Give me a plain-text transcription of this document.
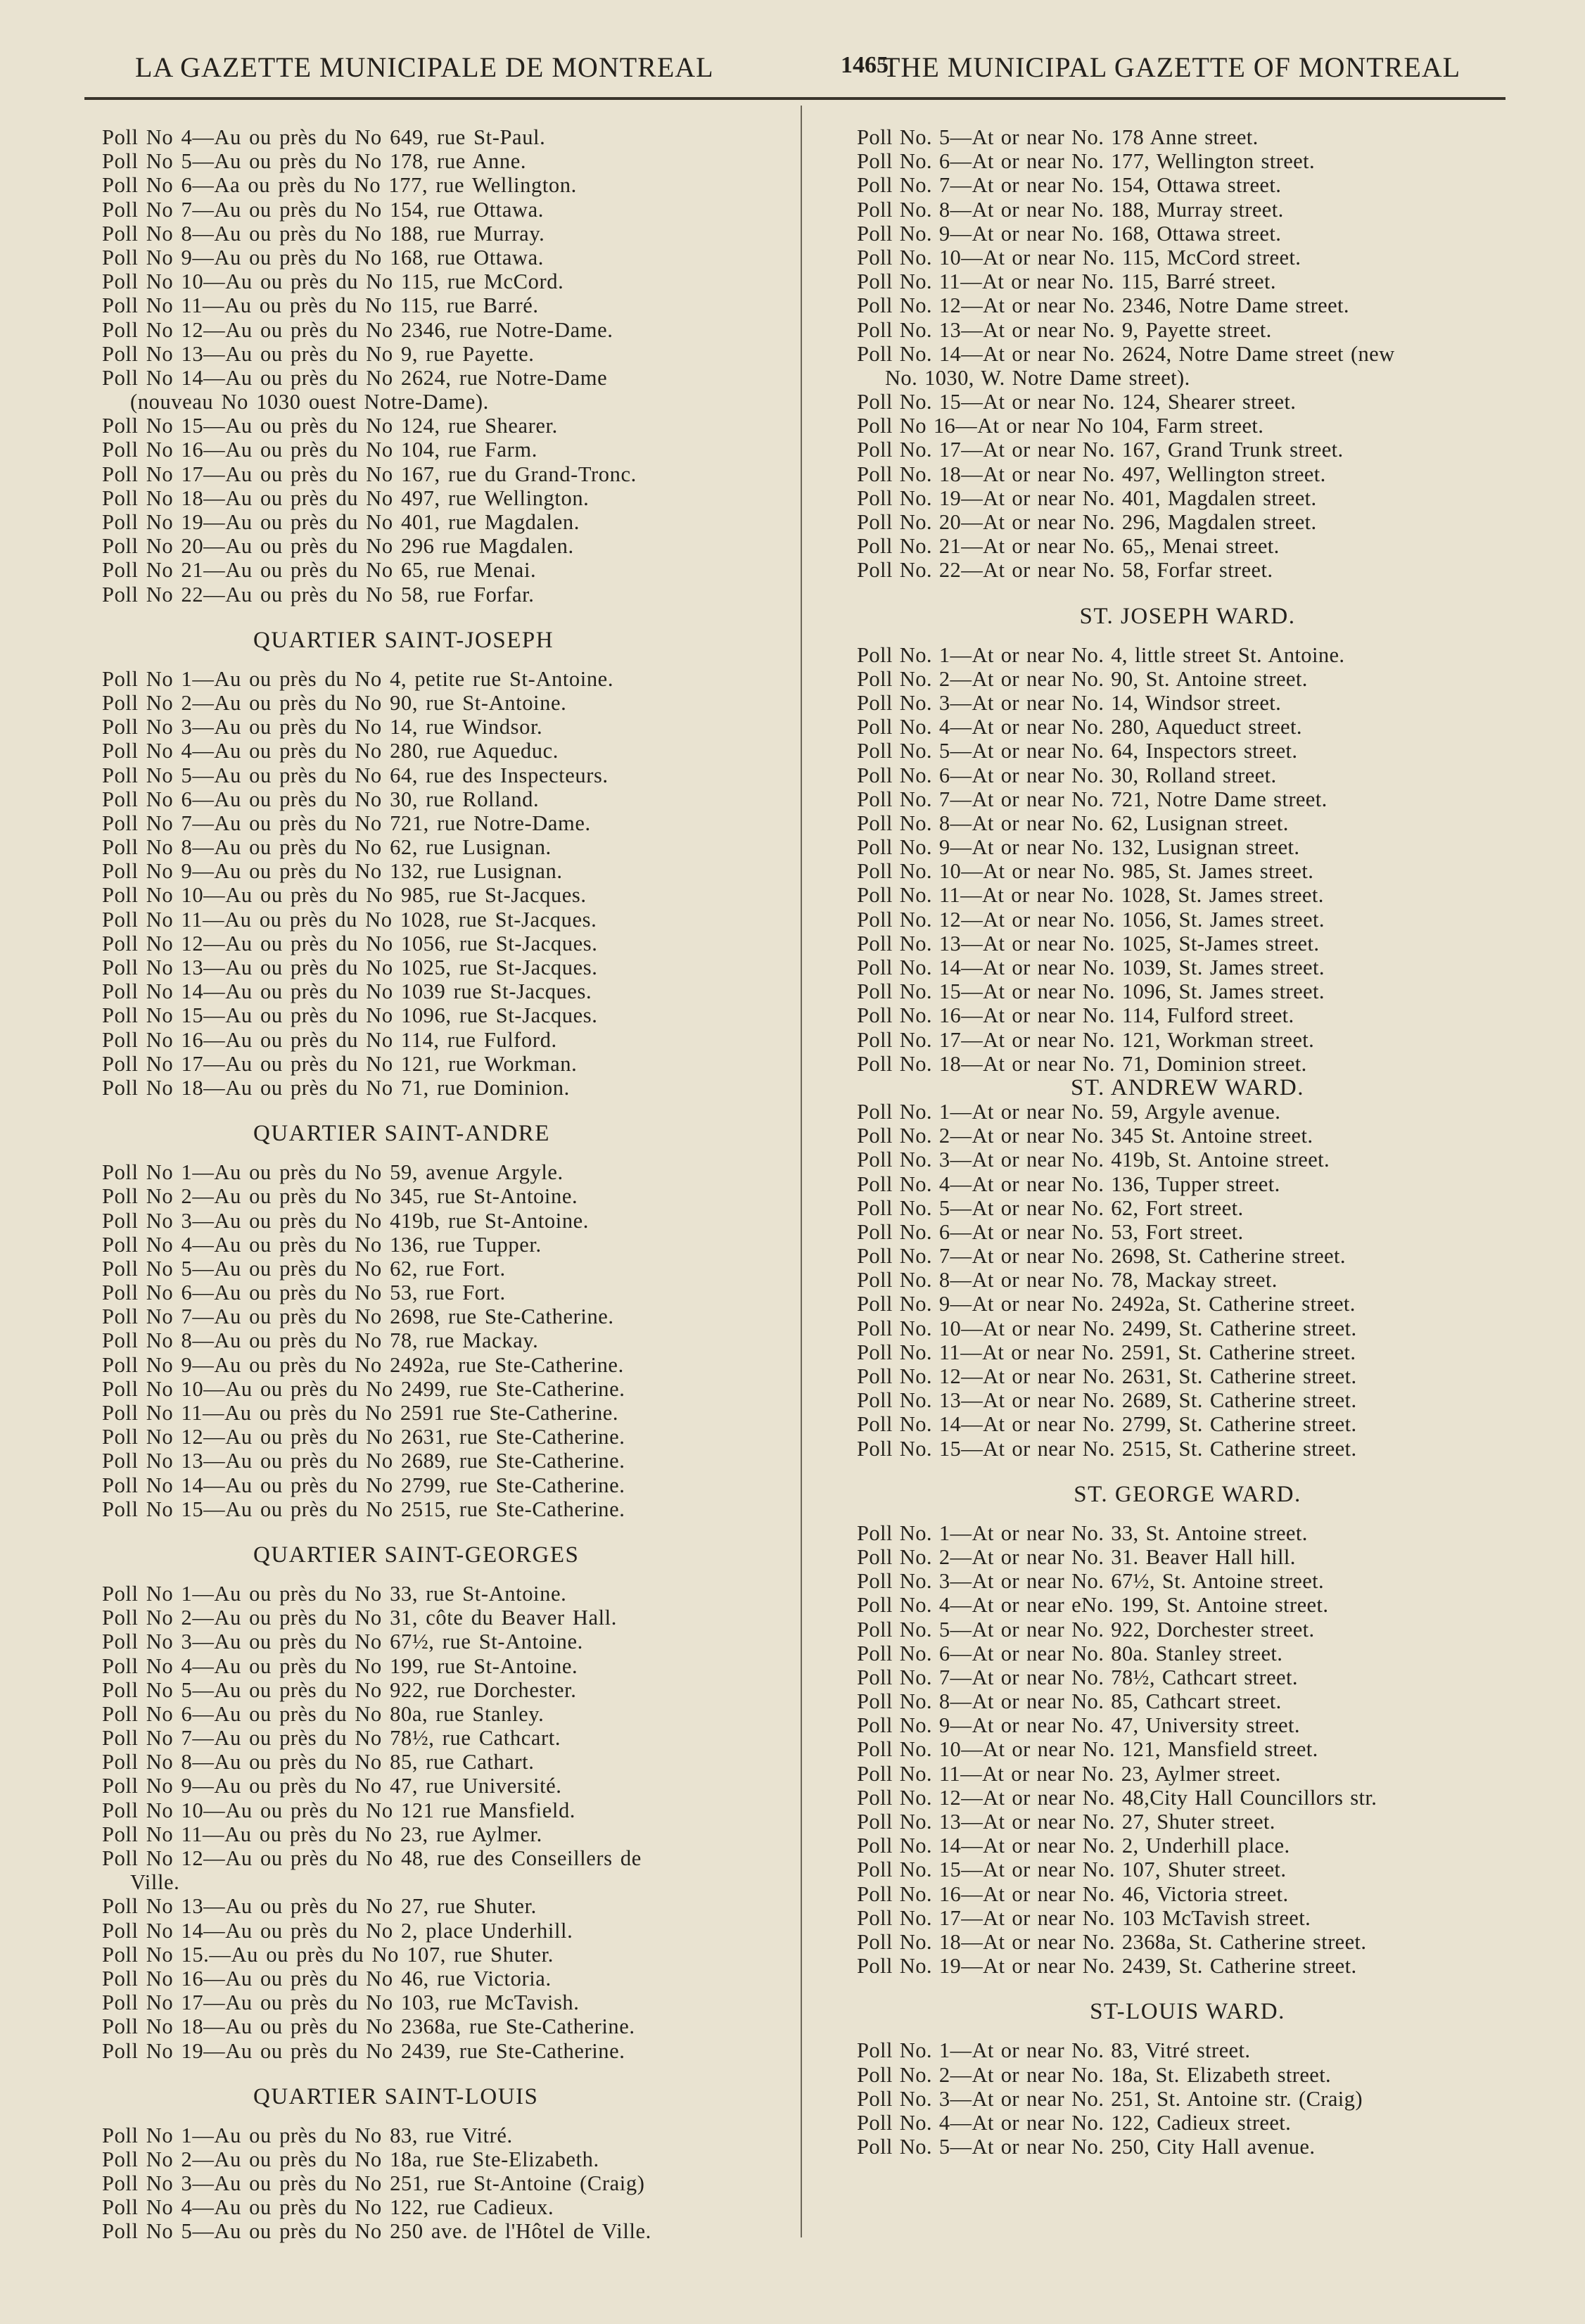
LA GAZETTE MUNICIPALE DE MONTREAL	1465
THE MUNICIPAL GAZETTE OF MONTREAL
Poll No 4—Au ou près du No 649, rue St-Paul.
Poll No 5—Au ou près du No 178, rue Anne.
Poll No 6—Aa ou près du No 177, rue Wellington.
Poll No 7—Au ou près du No 154, rue Ottawa.
Poll No 8—Au ou près du No 188, rue Murray.
Poll No 9—Au ou près du No 168, rue Ottawa.
Poll No 10—Au ou près du No 115, rue McCord.
Poll No 11—Au ou près du No 115, rue Barré.
Poll No 12—Au ou près du No 2346, rue Notre-Dame.
Poll No 13—Au ou près du No 9, rue Payette.
Poll No 14—Au ou près du No 2624, rue Notre-Dame
(nouveau No 1030 ouest Notre-Dame).
Poll No 15—Au ou près du No 124, rue Shearer.
Poll No 16—Au ou près du No 104, rue Farm.
Poll No 17—Au ou près du No 167, rue du Grand-Tronc.
Poll No 18—Au ou près du No 497, rue Wellington.
Poll No 19—Au ou près du No 401, rue Magdalen.
Poll No 20—Au ou près du No 296 rue Magdalen.
Poll No 21—Au ou près du No 65, rue Menai.
Poll No 22—Au ou près du No 58, rue Forfar.
QUARTIER SAINT-JOSEPH
Poll No 1—Au ou près du No 4, petite rue St-Antoine.
Poll No 2—Au ou près du No 90, rue St-Antoine.
Poll No 3—Au ou près du No 14, rue Windsor.
Poll No 4—Au ou près du No 280, rue Aqueduc.
Poll No 5—Au ou près du No 64, rue des Inspecteurs.
Poll No 6—Au ou près du No 30, rue Rolland.
Poll No 7—Au ou près du No 721, rue Notre-Dame.
Poll No 8—Au ou près du No 62, rue Lusignan.
Poll No 9—Au ou près du No 132, rue Lusignan.
Poll No 10—Au ou près du No 985, rue St-Jacques.
Poll No 11—Au ou près du No 1028, rue St-Jacques.
Poll No 12—Au ou près du No 1056, rue St-Jacques.
Poll No 13—Au ou près du No 1025, rue St-Jacques.
Poll No 14—Au ou près du No 1039 rue St-Jacques.
Poll No 15—Au ou près du No 1096, rue St-Jacques.
Poll No 16—Au ou près du No 114, rue Fulford.
Poll No 17—Au ou près du No 121, rue Workman.
Poll No 18—Au ou près du No 71, rue Dominion.
QUARTIER SAINT-ANDRE
Poll No 1—Au ou près du No 59, avenue Argyle.
Poll No 2—Au ou près du No 345, rue St-Antoine.
Poll No 3—Au ou près du No 419b, rue St-Antoine.
Poll No 4—Au ou près du No 136, rue Tupper.
Poll No 5—Au ou près du No 62, rue Fort.
Poll No 6—Au ou près du No 53, rue Fort.
Poll No 7—Au ou près du No 2698, rue Ste-Catherine.
Poll No 8—Au ou près du No 78, rue Mackay.
Poll No 9—Au ou près du No 2492a, rue Ste-Catherine.
Poll No 10—Au ou près du No 2499, rue Ste-Catherine.
Poll No 11—Au ou près du No 2591 rue Ste-Catherine.
Poll No 12—Au ou près du No 2631, rue Ste-Catherine.
Poll No 13—Au ou près du No 2689, rue Ste-Catherine.
Poll No 14—Au ou près du No 2799, rue Ste-Catherine.
Poll No 15—Au ou près du No 2515, rue Ste-Catherine.
QUARTIER SAINT-GEORGES
Poll No 1—Au ou près du No 33, rue St-Antoine.
Poll No 2—Au ou près du No 31, côte du Beaver Hall.
Poll No 3—Au ou près du No 67½, rue St-Antoine.
Poll No 4—Au ou près du No 199, rue St-Antoine.
Poll No 5—Au ou près du No 922, rue Dorchester.
Poll No 6—Au ou près du No 80a, rue Stanley.
Poll No 7—Au ou près du No 78½, rue Cathcart.
Poll No 8—Au ou près du No 85, rue Cathart.
Poll No 9—Au ou près du No 47, rue Université.
Poll No 10—Au ou près du No 121 rue Mansfield.
Poll No 11—Au ou près du No 23, rue Aylmer.
Poll No 12—Au ou près du No 48, rue des Conseillers de
Ville.
Poll No 13—Au ou près du No 27, rue Shuter.
Poll No 14—Au ou près du No 2, place Underhill.
Poll No 15.—Au ou près du No 107, rue Shuter.
Poll No 16—Au ou près du No 46, rue Victoria.
Poll No 17—Au ou près du No 103, rue McTavish.
Poll No 18—Au ou près du No 2368a, rue Ste-Catherine.
Poll No 19—Au ou près du No 2439, rue Ste-Catherine.
QUARTIER SAINT-LOUIS
Poll No 1—Au ou près du No 83, rue Vitré.
Poll No 2—Au ou près du No 18a, rue Ste-Elizabeth.
Poll No 3—Au ou près du No 251, rue St-Antoine (Craig)
Poll No 4—Au ou près du No 122, rue Cadieux.
Poll No 5—Au ou près du No 250 ave. de l'Hôtel de Ville.
Poll No. 5—At or near No. 178 Anne street.
Poll No. 6—At or near No. 177, Wellington street.
Poll No. 7—At or near No. 154, Ottawa street.
Poll No. 8—At or near No. 188, Murray street.
Poll No. 9—At or near No. 168, Ottawa street.
Poll No. 10—At or near No. 115, McCord street.
Poll No. 11—At or near No. 115, Barré street.
Poll No. 12—At or near No. 2346, Notre Dame street.
Poll No. 13—At or near No. 9, Payette street.
Poll No. 14—At or near No. 2624, Notre Dame street (new
No. 1030, W. Notre Dame street).
Poll No. 15—At or near No. 124, Shearer street.
Poll No 16—At or near No 104, Farm street.
Poll No. 17—At or near No. 167, Grand Trunk street.
Poll No. 18—At or near No. 497, Wellington street.
Poll No. 19—At or near No. 401, Magdalen street.
Poll No. 20—At or near No. 296, Magdalen street.
Poll No. 21—At or near No. 65,, Menai street.
Poll No. 22—At or near No. 58, Forfar street.
ST. JOSEPH WARD.
Poll No. 1—At or near No. 4, little street St. Antoine.
Poll No. 2—At or near No. 90, St. Antoine street.
Poll No. 3—At or near No. 14, Windsor street.
Poll No. 4—At or near No. 280, Aqueduct street.
Poll No. 5—At or near No. 64, Inspectors street.
Poll No. 6—At or near No. 30, Rolland street.
Poll No. 7—At or near No. 721, Notre Dame street.
Poll No. 8—At or near No. 62, Lusignan street.
Poll No. 9—At or near No. 132, Lusignan street.
Poll No. 10—At or near No. 985, St. James street.
Poll No. 11—At or near No. 1028, St. James street.
Poll No. 12—At or near No. 1056, St. James street.
Poll No. 13—At or near No. 1025, St-James street.
Poll No. 14—At or near No. 1039, St. James street.
Poll No. 15—At or near No. 1096, St. James street.
Poll No. 16—At or near No. 114, Fulford street.
Poll No. 17—At or near No. 121, Workman street.
Poll No. 18—At or near No. 71, Dominion street.
ST. ANDREW WARD.
Poll No. 1—At or near No. 59, Argyle avenue.
Poll No. 2—At or near No. 345 St. Antoine street.
Poll No. 3—At or near No. 419b, St. Antoine street.
Poll No. 4—At or near No. 136, Tupper street.
Poll No. 5—At or near No. 62, Fort street.
Poll No. 6—At or near No. 53, Fort street.
Poll No. 7—At or near No. 2698, St. Catherine street.
Poll No. 8—At or near No. 78, Mackay street.
Poll No. 9—At or near No. 2492a, St. Catherine street.
Poll No. 10—At or near No. 2499, St. Catherine street.
Poll No. 11—At or near No. 2591, St. Catherine street.
Poll No. 12—At or near No. 2631, St. Catherine street.
Poll No. 13—At or near No. 2689, St. Catherine street.
Poll No. 14—At or near No. 2799, St. Catherine street.
Poll No. 15—At or near No. 2515, St. Catherine street.
ST. GEORGE WARD.
Poll No. 1—At or near No. 33, St. Antoine street.
Poll No. 2—At or near No. 31. Beaver Hall hill.
Poll No. 3—At or near No. 67½, St. Antoine street.
Poll No. 4—At or near eNo. 199, St. Antoine street.
Poll No. 5—At or near No. 922, Dorchester street.
Poll No. 6—At or near No. 80a. Stanley street.
Poll No. 7—At or near No. 78½, Cathcart street.
Poll No. 8—At or near No. 85, Cathcart street.
Poll No. 9—At or near No. 47, University street.
Poll No. 10—At or near No. 121, Mansfield street.
Poll No. 11—At or near No. 23, Aylmer street.
Poll No. 12—At or near No. 48,City Hall Councillors str.
Poll No. 13—At or near No. 27, Shuter street.
Poll No. 14—At or near No. 2, Underhill place.
Poll No. 15—At or near No. 107, Shuter street.
Poll No. 16—At or near No. 46, Victoria street.
Poll No. 17—At or near No. 103 McTavish street.
Poll No. 18—At or near No. 2368a, St. Catherine street.
Poll No. 19—At or near No. 2439, St. Catherine street.
ST-LOUIS WARD.
Poll No. 1—At or near No. 83, Vitré street.
Poll No. 2—At or near No. 18a, St. Elizabeth street.
Poll No. 3—At or near No. 251, St. Antoine str. (Craig)
Poll No. 4—At or near No. 122, Cadieux street.
Poll No. 5—At or near No. 250, City Hall avenue.
